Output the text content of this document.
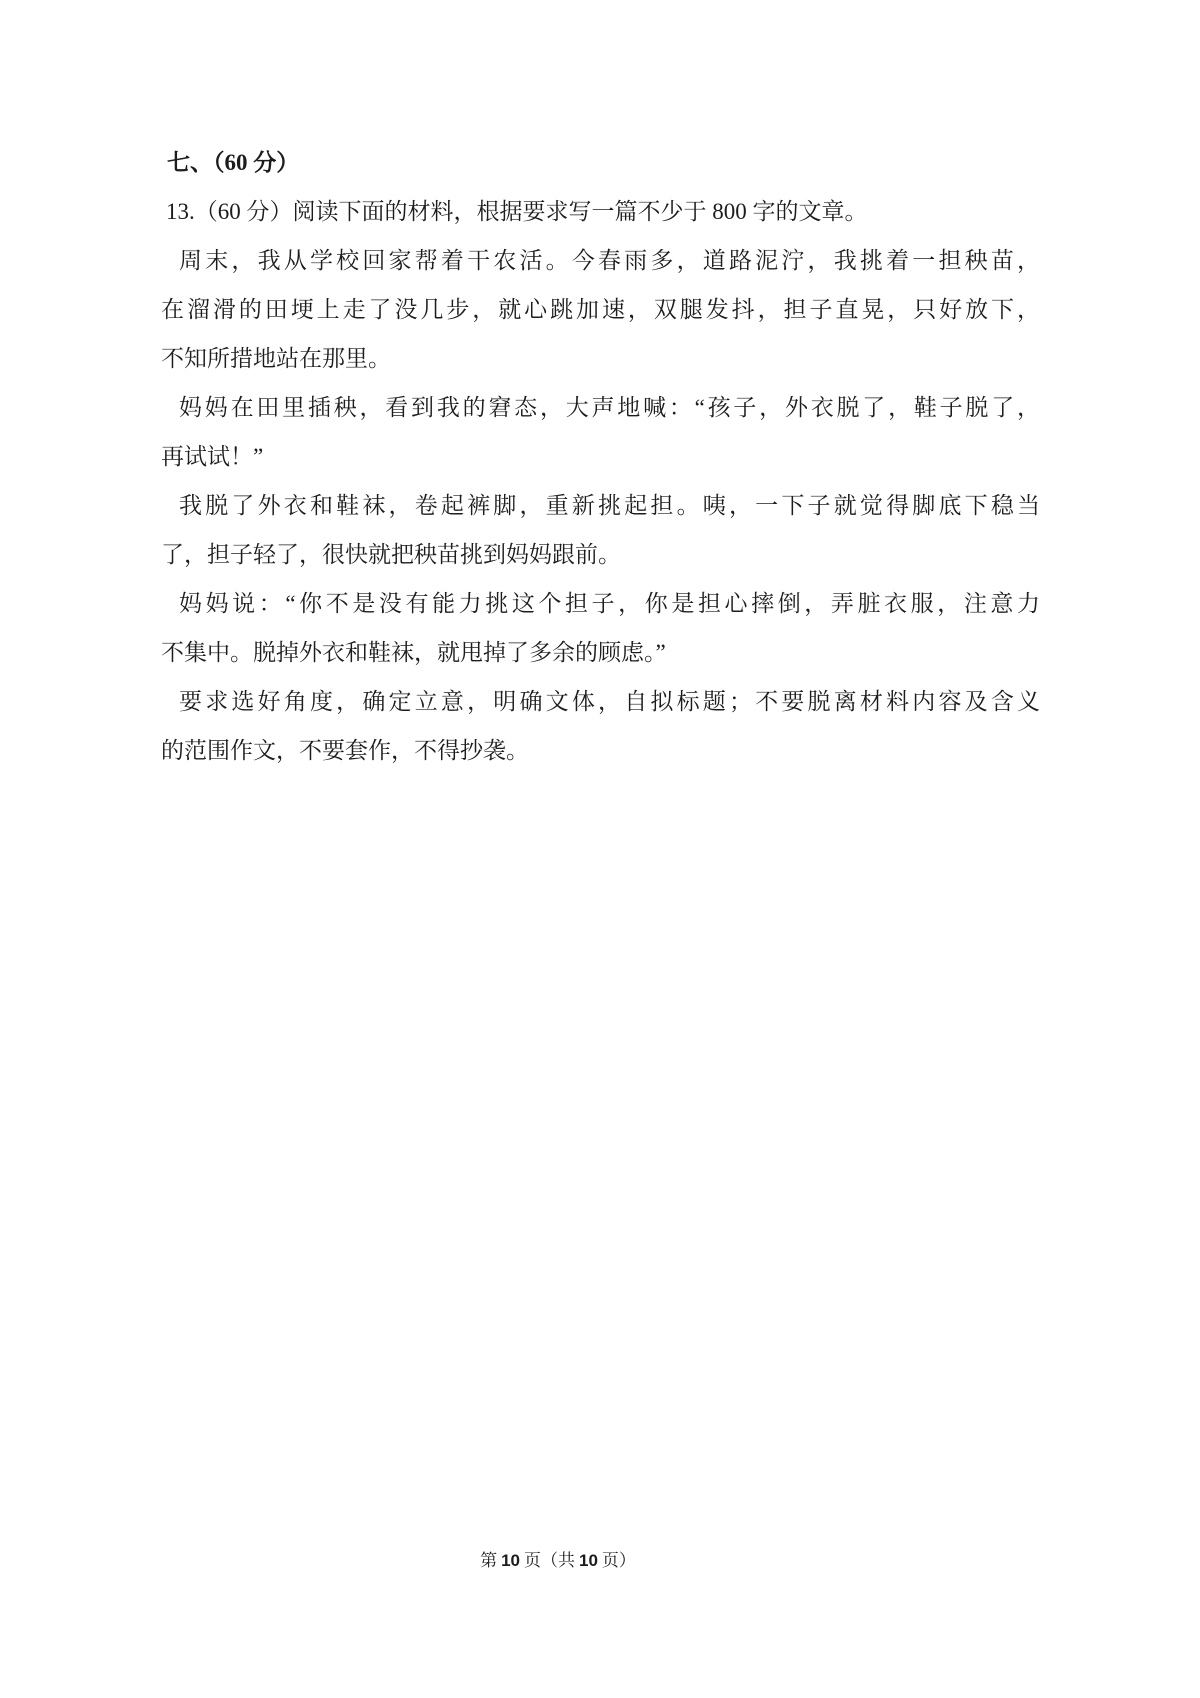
七、（60 分）
13.（60 分）阅读下面的材料，根据要求写一篇不少于 800 字的文章。
周末，我从学校回家帮着干农活。今春雨多，道路泥泞，我挑着一担秧苗，
在溜滑的田埂上走了没几步，就心跳加速，双腿发抖，担子直晃，只好放下，
不知所措地站在那里。
妈妈在田里插秧，看到我的窘态，大声地喊：“孩子，外衣脱了，鞋子脱了，
再试试！”
我脱了外衣和鞋袜，卷起裤脚，重新挑起担。咦，一下子就觉得脚底下稳当
了，担子轻了，很快就把秧苗挑到妈妈跟前。
妈妈说：“你不是没有能力挑这个担子，你是担心摔倒，弄脏衣服，注意力
不集中。脱掉外衣和鞋袜，就甩掉了多余的顾虑。”
要求选好角度，确定立意，明确文体，自拟标题；不要脱离材料内容及含义
的范围作文，不要套作，不得抄袭。
第 10 页（共 10 页）
